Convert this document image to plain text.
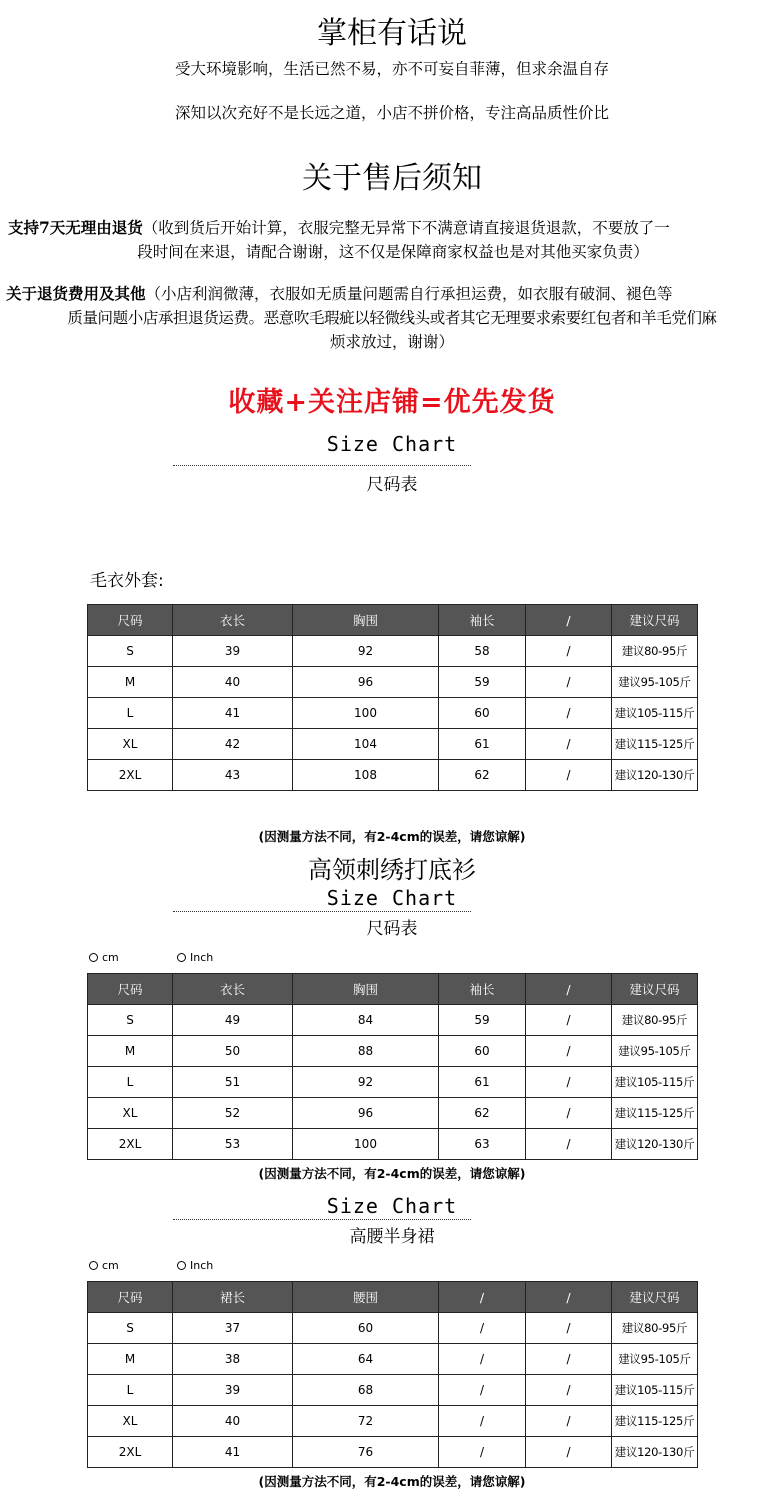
掌柜有话说
受大环境影响，生活已然不易，亦不可妄自菲薄，但求余温自存
深知以次充好不是长远之道，小店不拼价格，专注高品质性价比
关于售后须知
支持7天无理由退货（收到货后开始计算，衣服完整无异常下不满意请直接退货退款，不要放了一
段时间在来退，请配合谢谢，这不仅是保障商家权益也是对其他买家负责）
关于退货费用及其他（小店利润微薄，衣服如无质量问题需自行承担运费，如衣服有破洞、褪色等
质量问题小店承担退货运费。恶意吹毛瑕疵以轻微线头或者其它无理要求索要红包者和羊毛党们麻
烦求放过，谢谢）
收藏+关注店铺=优先发货
Size Chart
尺码表
毛衣外套:
尺码	衣长	胸围	袖长	/	建议尺码
S	39	92	58	/	建议80-95斤
M	40	96	59	/	建议95-105斤
L	41	100	60	/	建议105-115斤
XL	42	104	61	/	建议115-125斤
2XL	43	108	62	/	建议120-130斤
(因测量方法不同，有2-4cm的误差，请您谅解)
高领刺绣打底衫
Size Chart
尺码表
cm	Inch
尺码	衣长	胸围	袖长	/	建议尺码
S	49	84	59	/	建议80-95斤
M	50	88	60	/	建议95-105斤
L	51	92	61	/	建议105-115斤
XL	52	96	62	/	建议115-125斤
2XL	53	100	63	/	建议120-130斤
(因测量方法不同，有2-4cm的误差，请您谅解)
Size Chart
高腰半身裙
cm	Inch
尺码	裙长	腰围	/	/	建议尺码
S	37	60	/	/	建议80-95斤
M	38	64	/	/	建议95-105斤
L	39	68	/	/	建议105-115斤
XL	40	72	/	/	建议115-125斤
2XL	41	76	/	/	建议120-130斤
(因测量方法不同，有2-4cm的误差，请您谅解)
